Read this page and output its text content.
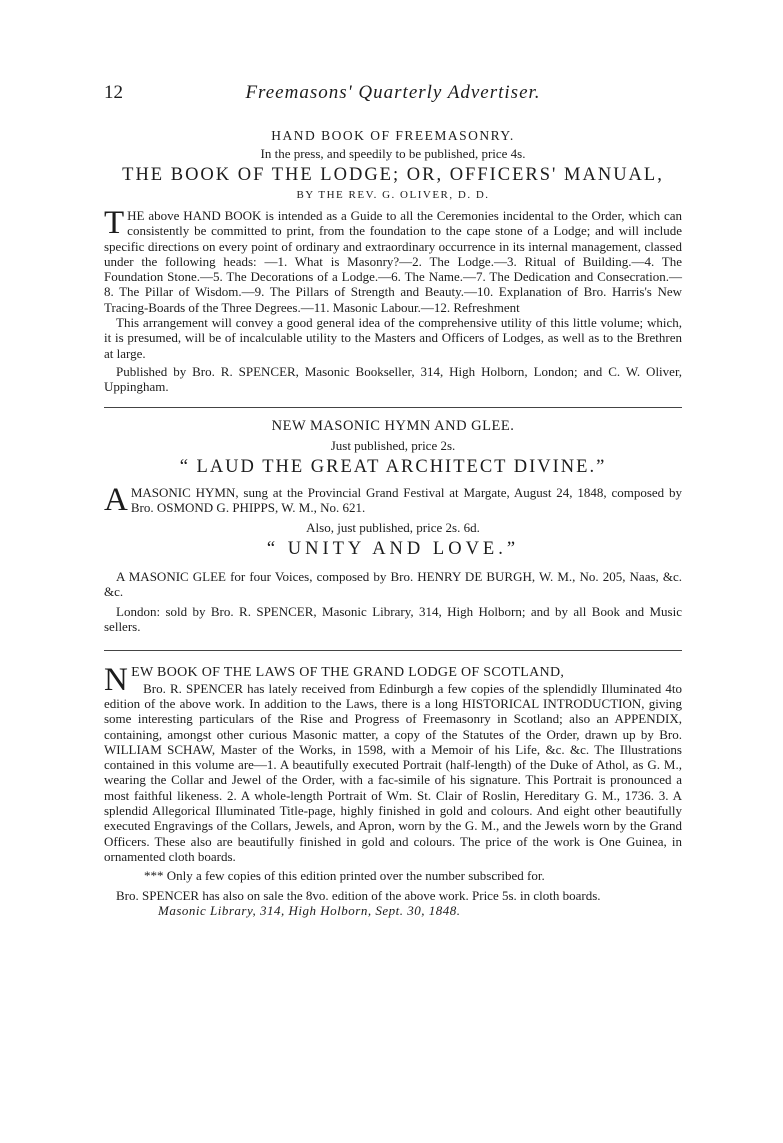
12	Freemasons' Quarterly Advertiser.
HAND BOOK OF FREEMASONRY.
In the press, and speedily to be published, price 4s.
THE BOOK OF THE LODGE; OR, OFFICERS' MANUAL,
BY THE REV. G. OLIVER, D. D.

THE above HAND BOOK is intended as a Guide to all the Ceremonies incidental to the Order, which can consistently be committed to print, from the foundation to the cape stone of a Lodge; and will include specific directions on every point of ordinary and extraordinary occurrence in its internal management, classed under the following heads: —1. What is Masonry?—2. The Lodge.—3. Ritual of Building.—4. The Foundation Stone.—5. The Decorations of a Lodge.—6. The Name.—7. The Dedication and Consecration.—8. The Pillar of Wisdom.—9. The Pillars of Strength and Beauty.—10. Explanation of Bro. Harris's New Tracing-Boards of the Three Degrees.—11. Masonic Labour.—12. Refreshment

This arrangement will convey a good general idea of the comprehensive utility of this little volume; which, it is presumed, will be of incalculable utility to the Masters and Officers of Lodges, as well as to the Brethren at large.

Published by Bro. R. SPENCER, Masonic Bookseller, 314, High Holborn, London; and C. W. Oliver, Uppingham.

NEW MASONIC HYMN AND GLEE.
Just published, price 2s.
“ LAUD THE GREAT ARCHITECT DIVINE.”

AMASONIC HYMN, sung at the Provincial Grand Festival at Margate, August 24, 1848, composed by Bro. OSMOND G. PHIPPS, W. M., No. 621.

Also, just published, price 2s. 6d.
“ UNITY AND LOVE.”

A MASONIC GLEE for four Voices, composed by Bro. HENRY DE BURGH, W. M., No. 205, Naas, &c. &c.

London: sold by Bro. R. SPENCER, Masonic Library, 314, High Holborn; and by all Book and Music sellers.

NEW BOOK OF THE LAWS OF THE GRAND LODGE OF SCOTLAND,

Bro. R. SPENCER has lately received from Edinburgh a few copies of the splendidly Illuminated 4to edition of the above work. In addition to the Laws, there is a long HISTORICAL INTRODUCTION, giving some interesting particulars of the Rise and Progress of Freemasonry in Scotland; also an APPENDIX, containing, amongst other curious Masonic matter, a copy of the Statutes of the Order, drawn up by Bro. WILLIAM SCHAW, Master of the Works, in 1598, with a Memoir of his Life, &c. &c. The Illustrations contained in this volume are—1. A beautifully executed Portrait (half-length) of the Duke of Athol, as G. M., wearing the Collar and Jewel of the Order, with a fac-simile of his signature. This Portrait is pronounced a most faithful likeness. 2. A whole-length Portrait of Wm. St. Clair of Roslin, Hereditary G. M., 1736. 3. A splendid Allegorical Illuminated Title-page, highly finished in gold and colours. And eight other beautifully executed Engravings of the Collars, Jewels, and Apron, worn by the G. M., and the Jewels worn by the Grand Officers. These also are beautifully finished in gold and colours. The price of the work is One Guinea, in ornamented cloth boards.

*** Only a few copies of this edition printed over the number subscribed for.

Bro. SPENCER has also on sale the 8vo. edition of the above work. Price 5s. in cloth boards.

Masonic Library, 314, High Holborn, Sept. 30, 1848.
